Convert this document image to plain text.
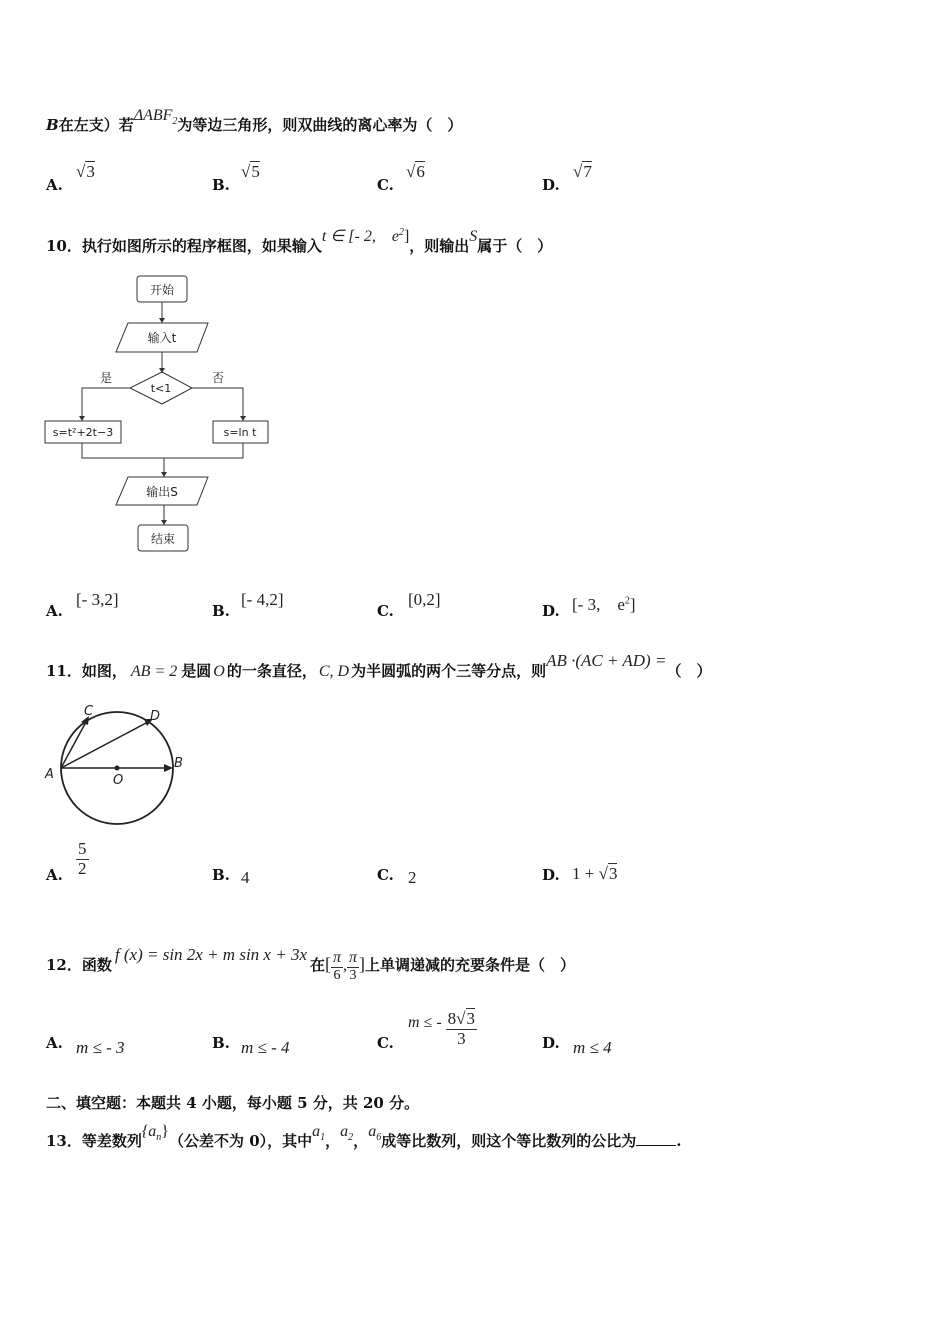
B在左支）若$\Delta ABF_2$为等边三角形，则双曲线的离心率为（　）
A.
√3
B.
√5
C.
√6
D.
√7
10．执行如图所示的程序框图，如果输入t ∈ [- 2,　$e^2$]，则输出S属于（　）
开始
输入t
t<1
是	否
s=t²+2t−3	s=ln t
输出S
结束
A.
[- 3,2]
B.
[- 4,2]
C.
[0,2]
D. [- 3,　$e^2$]
11．如图， AB = 2 是圆 O 的一条直径， C, D 为半圆弧的两个三等分点，则AB ·(AC + AD) =（　）
A
B
C	D
O
A. $\frac{5}{2}$	B. 4	C. 2	D. 1 + √3
12．函数f (x) = sin 2x + m sin x + 3x在[ $\frac{\pi}{6}$ , $\frac{\pi}{3}$ ]上单调递减的充要条件是（　）
A. m ≤ - 3	B. m ≤ - 4	C.
m ≤ - $\frac{8√3}{3}$	D. m ≤ 4
二、填空题：本题共 4 小题，每小题 5 分，共 20 分。
13．等差数列$\{a_n\}$（公差不为 0），其中$a_1$，$a_2$，$a_6$成等比数列，则这个等比数列的公比为	.
